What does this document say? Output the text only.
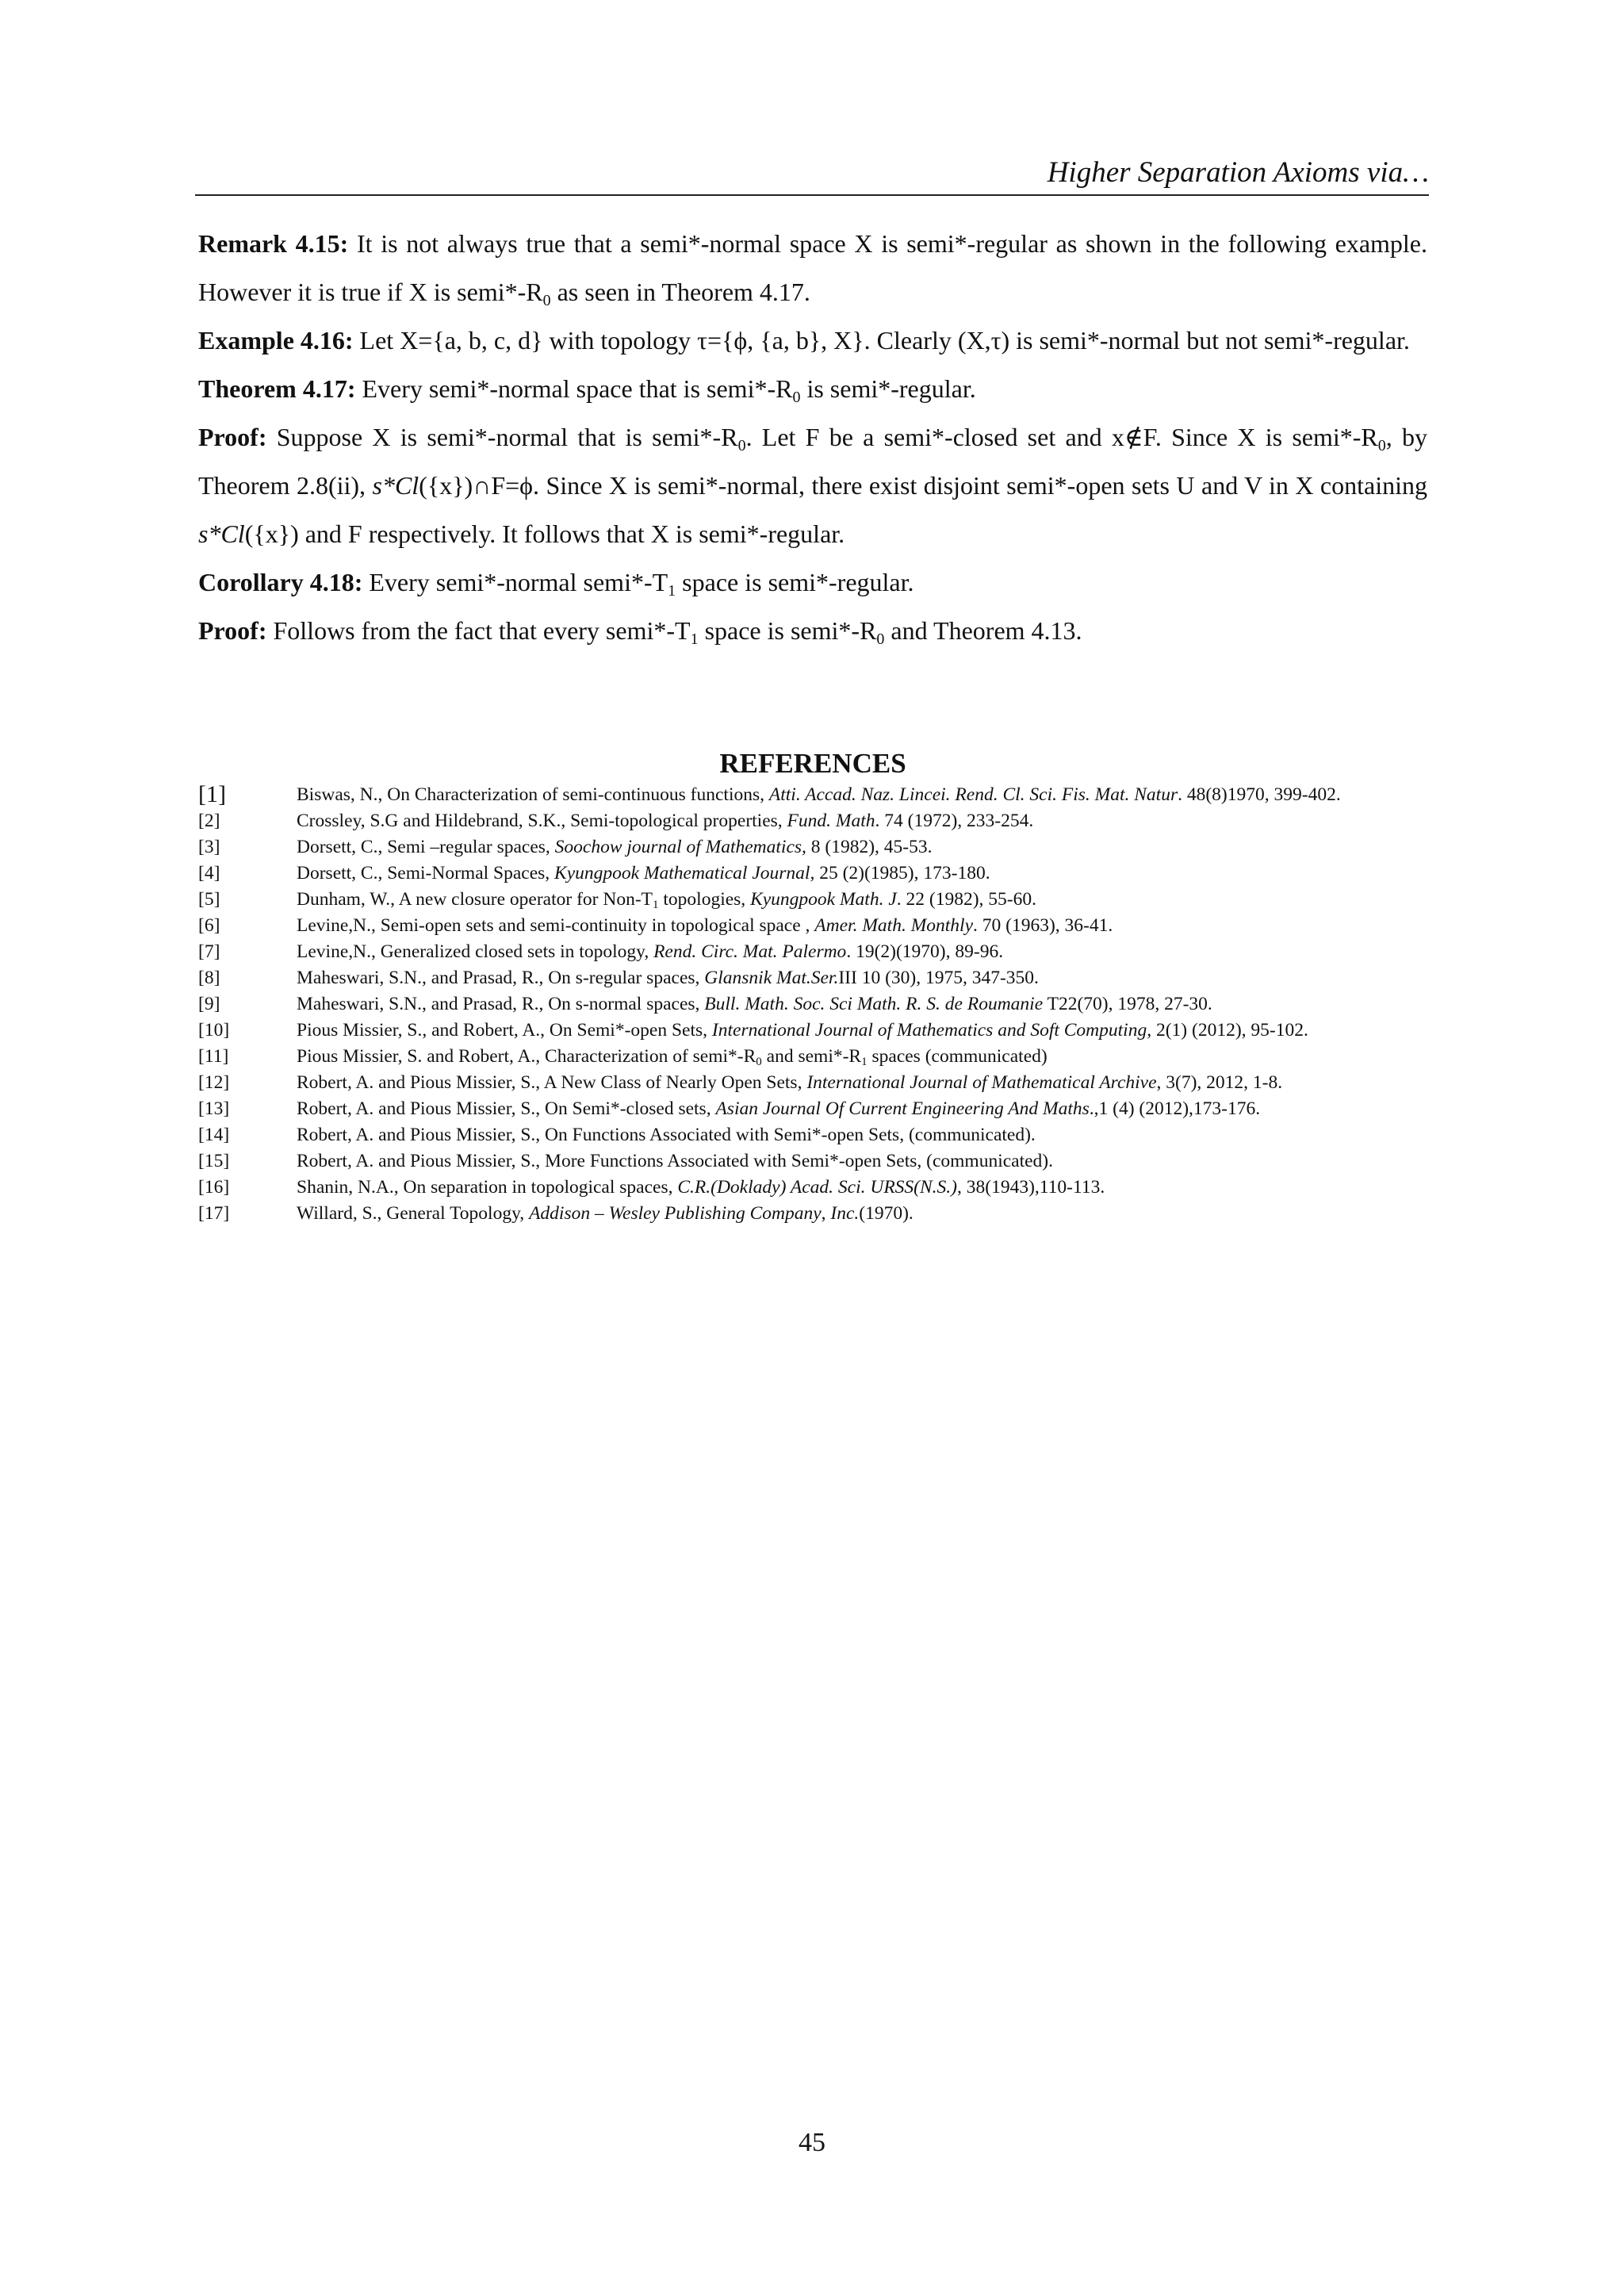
Higher Separation Axioms via…

Remark 4.15: It is not always true that a semi*-normal space X is semi*-regular as shown in the following example. However it is true if X is $semi*-R_0$ as seen in Theorem 4.17.

Example 4.16: Let X={a, b, c, d} with topology τ={ϕ, {a, b}, X}. Clearly (X,τ) is semi*-normal but not semi*-regular.

Theorem 4.17: Every semi*-normal space that is $semi*-R_0$ is semi*-regular.

Proof: Suppose X is semi*-normal that is $semi*-R_0$. Let F be a semi*-closed set and x∉F. Since X is $semi*-R_0$, by Theorem 2.8(ii), s*Cl({x})∩F=ϕ. Since X is semi*-normal, there exist disjoint semi*-open sets U and V in X containing s*Cl({x}) and F respectively. It follows that X is semi*-regular.

Corollary 4.18: Every semi*-normal $semi*-T_1$ space is semi*-regular.

Proof: Follows from the fact that every $semi*-T_1$ space is $semi*-R_0$ and Theorem 4.13.

REFERENCES
[1]	Biswas, N., On Characterization of semi-continuous functions, Atti. Accad. Naz. Lincei. Rend. Cl. Sci. Fis. Mat. Natur. 48(8)1970, 399-402.
[2]	Crossley, S.G and Hildebrand, S.K., Semi-topological properties, Fund. Math. 74 (1972), 233-254.
[3]	Dorsett, C., Semi –regular spaces, Soochow journal of Mathematics, 8 (1982), 45-53.
[4]	Dorsett, C., Semi-Normal Spaces, Kyungpook Mathematical Journal, 25 (2)(1985), 173-180.
[5]	Dunham, W., A new closure operator for Non-T1 topologies, Kyungpook Math. J. 22 (1982), 55-60.
[6]	Levine,N., Semi-open sets and semi-continuity in topological space , Amer. Math. Monthly. 70 (1963), 36-41.
[7]	Levine,N., Generalized closed sets in topology, Rend. Circ. Mat. Palermo. 19(2)(1970), 89-96.
[8]	Maheswari, S.N., and Prasad, R., On s-regular spaces, Glansnik Mat.Ser.III 10 (30), 1975, 347-350.
[9]	Maheswari, S.N., and Prasad, R., On s-normal spaces, Bull. Math. Soc. Sci Math. R. S. de Roumanie T22(70), 1978, 27-30.
[10]	Pious Missier, S., and Robert, A., On Semi*-open Sets, International Journal of Mathematics and Soft Computing, 2(1) (2012), 95-102.
[11]	Pious Missier, S. and Robert, A., Characterization of semi*-R0 and semi*-R1 spaces (communicated)
[12]	Robert, A. and Pious Missier, S., A New Class of Nearly Open Sets, International Journal of Mathematical Archive, 3(7), 2012, 1-8.
[13]	Robert, A. and Pious Missier, S., On Semi*-closed sets, Asian Journal Of Current Engineering And Maths.,1 (4) (2012),173-176.
[14]	Robert, A. and Pious Missier, S., On Functions Associated with Semi*-open Sets, (communicated).
[15]	Robert, A. and Pious Missier, S., More Functions Associated with Semi*-open Sets, (communicated).
[16]	Shanin, N.A., On separation in topological spaces, C.R.(Doklady) Acad. Sci. URSS(N.S.), 38(1943),110-113.
[17]	Willard, S., General Topology, Addison – Wesley Publishing Company, Inc.(1970).
45
